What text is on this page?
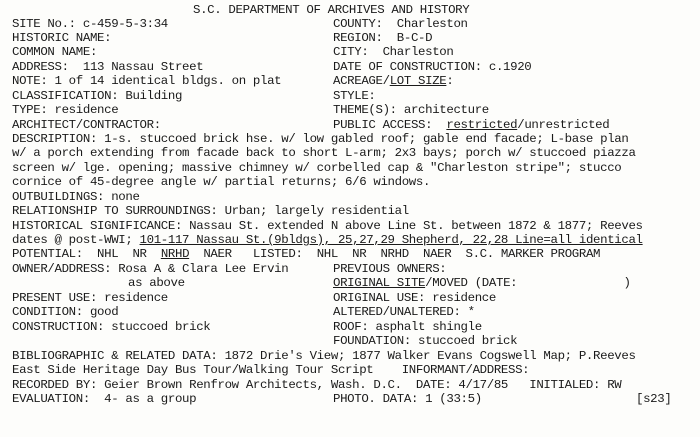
S.C. DEPARTMENT OF ARCHIVES AND HISTORY
SITE No.: c-459-5-3:34	COUNTY:  Charleston
HISTORIC NAME:	REGION:  B-C-D
COMMON NAME:	CITY:  Charleston
ADDRESS:  113 Nassau Street	DATE OF CONSTRUCTION: c.1920
NOTE: 1 of 14 identical bldgs. on plat	ACREAGE/LOT SIZE:
CLASSIFICATION: Building	STYLE:
TYPE: residence	THEME(S): architecture
ARCHITECT/CONTRACTOR:	PUBLIC ACCESS:  restricted/unrestricted
DESCRIPTION: 1-s. stuccoed brick hse. w/ low gabled roof; gable end facade; L-base plan
w/ a porch extending from facade back to short L-arm; 2x3 bays; porch w/ stuccoed piazza
screen w/ lge. opening; massive chimney w/ corbelled cap & "Charleston stripe"; stucco
cornice of 45-degree angle w/ partial returns; 6/6 windows.
OUTBUILDINGS: none
RELATIONSHIP TO SURROUNDINGS: Urban; largely residential
HISTORICAL SIGNIFICANCE: Nassau St. extended N above Line St. between 1872 & 1877; Reeves
dates @ post-WWI; 101-117 Nassau St.(9bldgs), 25,27,29 Shepherd, 22,28 Line=all identical
POTENTIAL:  NHL  NR  NRHD  NAER   LISTED:  NHL  NR  NRHD  NAER  S.C. MARKER PROGRAM
OWNER/ADDRESS: Rosa A & Clara Lee Ervin	PREVIOUS OWNERS:
as above	ORIGINAL SITE/MOVED (DATE:               )
PRESENT USE: residence	ORIGINAL USE: residence
CONDITION: good	ALTERED/UNALTERED: *
CONSTRUCTION: stuccoed brick	ROOF: asphalt shingle
FOUNDATION: stuccoed brick
BIBLIOGRAPHIC & RELATED DATA: 1872 Drie's View; 1877 Walker Evans Cogswell Map; P.Reeves
East Side Heritage Day Bus Tour/Walking Tour Script    INFORMANT/ADDRESS:
RECORDED BY: Geier Brown Renfrow Architects, Wash. D.C.  DATE: 4/17/85   INITIALED: RW
EVALUATION:  4- as a group	PHOTO. DATA: 1 (33:5)	[s23]
